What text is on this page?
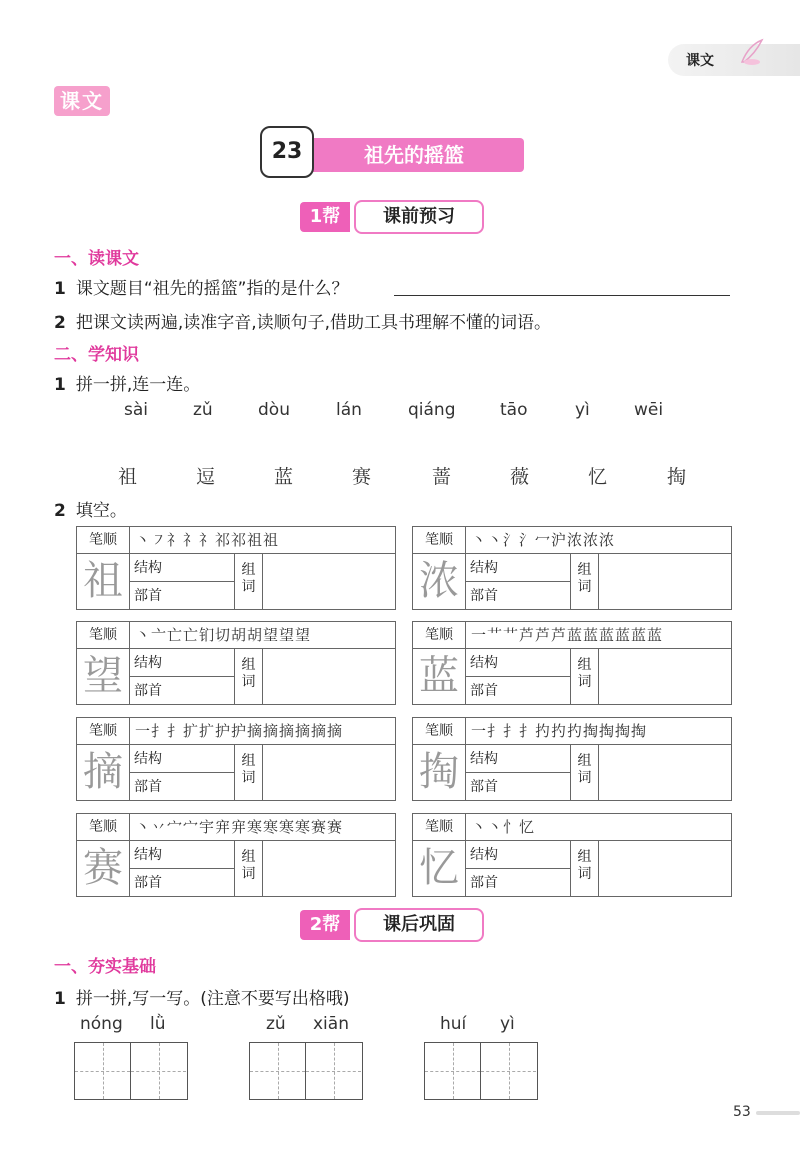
课文
课文
祖先的摇篮
23
1帮	课前预习
一、读课文
1 课文题目“祖先的摇篮”指的是什么？
2 把课文读两遍,读准字音,读顺句子,借助工具书理解不懂的词语。
二、学知识
1 拼一拼,连一连。
sài	zǔ	dòu	lán	qiáng	tāo	yì	wēi
祖	逗	蓝	赛	蔷	薇	忆	掏
2 填空。
笔顺	丶㇇礻礻礻祁祁祖祖
祖 结构
部首
组词
笔顺	丶丶氵氵冖沪浓浓浓
浓 结构
部首
组词
笔顺	丶亠亡亡钔切胡胡望望望
望 结构
部首
组词
笔顺	一艹艹芦芦芦蓝蓝蓝蓝蓝蓝
蓝 结构
部首
组词
笔顺	一扌扌扩扩护护摘摘摘摘摘摘
摘 结构
部首
组词
笔顺	一扌扌扌扚扚扚掏掏掏掏
掏 结构
部首
组词
笔顺	丶丷宀宀宇宑宑寒寒寒寒赛赛
赛 结构
部首
组词
笔顺	丶丶忄忆
忆 结构
部首
组词
2帮	课后巩固
一、夯实基础
1 拼一拼,写一写。(注意不要写出格哦)
nóng lǜ	zǔ xiān	huí yì
53
